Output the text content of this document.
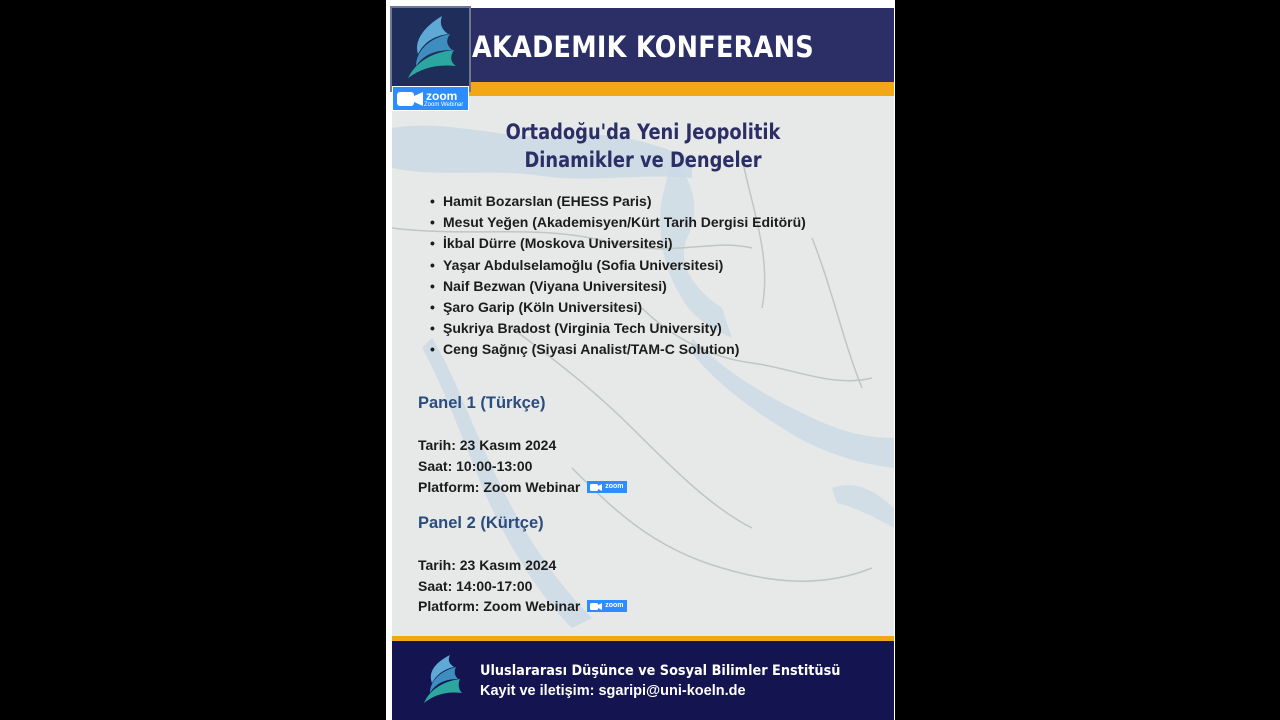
AKADEMIK KONFERANS
Ortadoğu'da Yeni Jeopolitik
Dinamikler ve Dengeler
• Hamit Bozarslan (EHESS Paris)
• Mesut Yeğen (Akademisyen/Kürt Tarih Dergisi Editörü)
• İkbal Dürre (Moskova Universitesi)
• Yaşar Abdulselamoğlu (Sofia Universitesi)
• Naif Bezwan (Viyana Universitesi)
• Şaro Garip (Köln Universitesi)
• Şukriya Bradost (Virginia Tech University)
• Ceng Sağnıç (Siyasi Analist/TAM-C Solution)
Panel 1 (Türkçe)
Tarih: 23 Kasım 2024
Saat: 10:00-13:00
Platform: Zoom Webinar	zoom
Panel 2 (Kürtçe)
Tarih: 23 Kasım 2024
Saat: 14:00-17:00
Platform: Zoom Webinar	zoom
Uluslararası Düşünce ve Sosyal Bilimler Enstitüsü
Kayit ve iletişim: sgaripi@uni-koeln.de
zoom
Zoom Webinar
